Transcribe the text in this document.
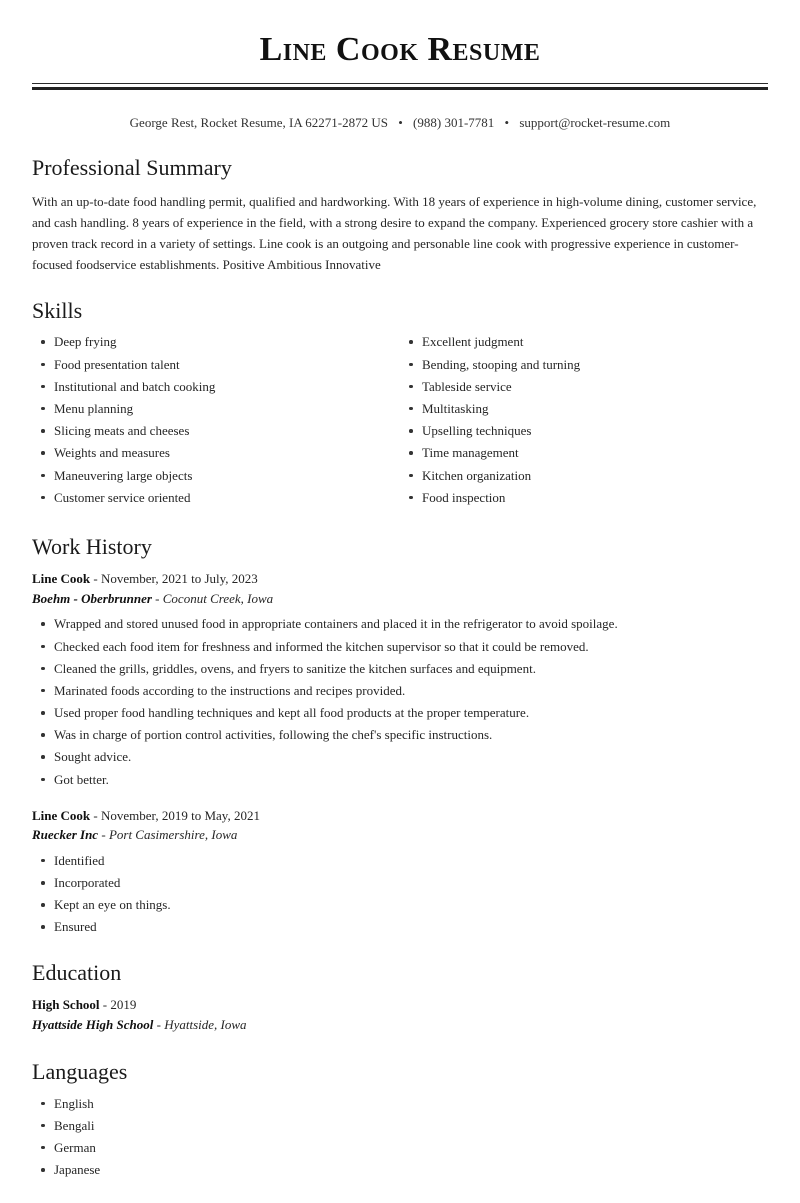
Line Cook Resume
George Rest, Rocket Resume, IA 62271-2872 US • (988) 301-7781 • support@rocket-resume.com
Professional Summary

With an up-to-date food handling permit, qualified and hardworking. With 18 years of experience in high-volume dining, customer service, and cash handling. 8 years of experience in the field, with a strong desire to expand the company. Experienced grocery store cashier with a proven track record in a variety of settings. Line cook is an outgoing and personable line cook with progressive experience in customer-focused foodservice establishments. Positive Ambitious Innovative

Skills
Deep frying
Food presentation talent
Institutional and batch cooking
Menu planning
Slicing meats and cheeses
Weights and measures
Maneuvering large objects
Customer service oriented
Excellent judgment
Bending, stooping and turning
Tableside service
Multitasking
Upselling techniques
Time management
Kitchen organization
Food inspection
Work History

Line Cook - November, 2021 to July, 2023

Boehm - Oberbrunner - Coconut Creek, Iowa

Wrapped and stored unused food in appropriate containers and placed it in the refrigerator to avoid spoilage.
Checked each food item for freshness and informed the kitchen supervisor so that it could be removed.
Cleaned the grills, griddles, ovens, and fryers to sanitize the kitchen surfaces and equipment.
Marinated foods according to the instructions and recipes provided.
Used proper food handling techniques and kept all food products at the proper temperature.
Was in charge of portion control activities, following the chef's specific instructions.
Sought advice.
Got better.

Line Cook - November, 2019 to May, 2021

Ruecker Inc - Port Casimershire, Iowa

Identified
Incorporated
Kept an eye on things.
Ensured
Education

High School - 2019

Hyattside High School - Hyattside, Iowa

Languages
English
Bengali
German
Japanese
